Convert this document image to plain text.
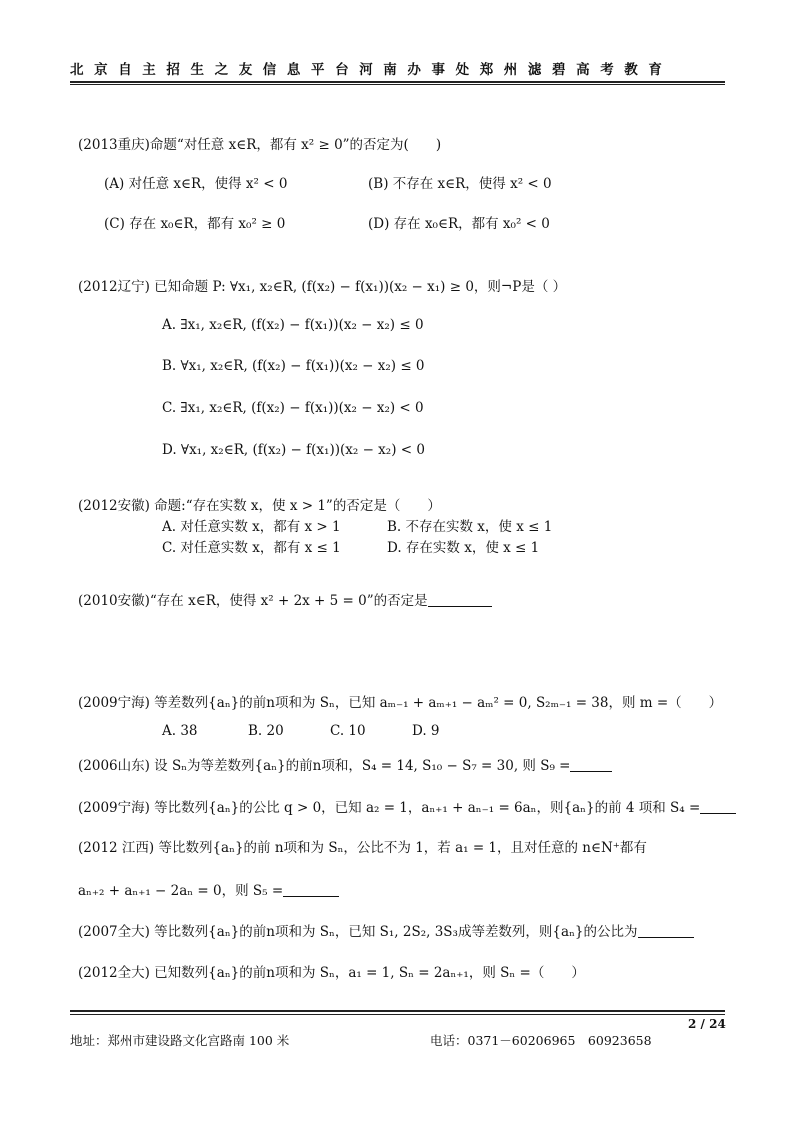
北京自主招生之友信息平台河南办事处郑州滤碧高考教育
(2013重庆)命题“对任意 x∈R，都有 x² ≥ 0”的否定为(　　)
(A) 对任意 x∈R，使得 x² < 0	(B) 不存在 x∈R，使得 x² < 0
(C) 存在 x₀∈R，都有 x₀² ≥ 0	(D) 存在 x₀∈R，都有 x₀² < 0
(2012辽宁) 已知命题 P: ∀x₁, x₂∈R, (f(x₂) − f(x₁))(x₂ − x₁) ≥ 0，则¬P是（ ）
A. ∃x₁, x₂∈R, (f(x₂) − f(x₁))(x₂ − x₂) ≤ 0
B. ∀x₁, x₂∈R, (f(x₂) − f(x₁))(x₂ − x₂) ≤ 0
C. ∃x₁, x₂∈R, (f(x₂) − f(x₁))(x₂ − x₂) < 0
D. ∀x₁, x₂∈R, (f(x₂) − f(x₁))(x₂ − x₂) < 0
(2012安徽) 命题:“存在实数 x，使 x > 1”的否定是（　　）
A. 对任意实数 x，都有 x > 1	B. 不存在实数 x，使 x ≤ 1
C. 对任意实数 x，都有 x ≤ 1	D. 存在实数 x，使 x ≤ 1
(2010安徽)“存在 x∈R，使得 x² + 2x + 5 = 0”的否定是
(2009宁海) 等差数列{aₙ}的前n项和为 Sₙ，已知 aₘ₋₁ + aₘ₊₁ − aₘ² = 0, S₂ₘ₋₁ = 38，则 m =（　　）
A. 38	B. 20	C. 10	D. 9
(2006山东) 设 Sₙ为等差数列{aₙ}的前n项和，S₄ = 14, S₁₀ − S₇ = 30, 则 S₉ =
(2009宁海) 等比数列{aₙ}的公比 q > 0，已知 a₂ = 1，aₙ₊₁ + aₙ₋₁ = 6aₙ，则{aₙ}的前 4 项和 S₄ =
(2012 江西) 等比数列{aₙ}的前 n项和为 Sₙ，公比不为 1，若 a₁ = 1，且对任意的 n∈N⁺都有
aₙ₊₂ + aₙ₊₁ − 2aₙ = 0，则 S₅ =
(2007全大) 等比数列{aₙ}的前n项和为 Sₙ，已知 S₁, 2S₂, 3S₃成等差数列，则{aₙ}的公比为
(2012全大) 已知数列{aₙ}的前n项和为 Sₙ，a₁ = 1, Sₙ = 2aₙ₊₁，则 Sₙ =（　　）
2 / 24
地址：郑州市建设路文化宫路南 100 米	电话：0371－60206965　60923658
